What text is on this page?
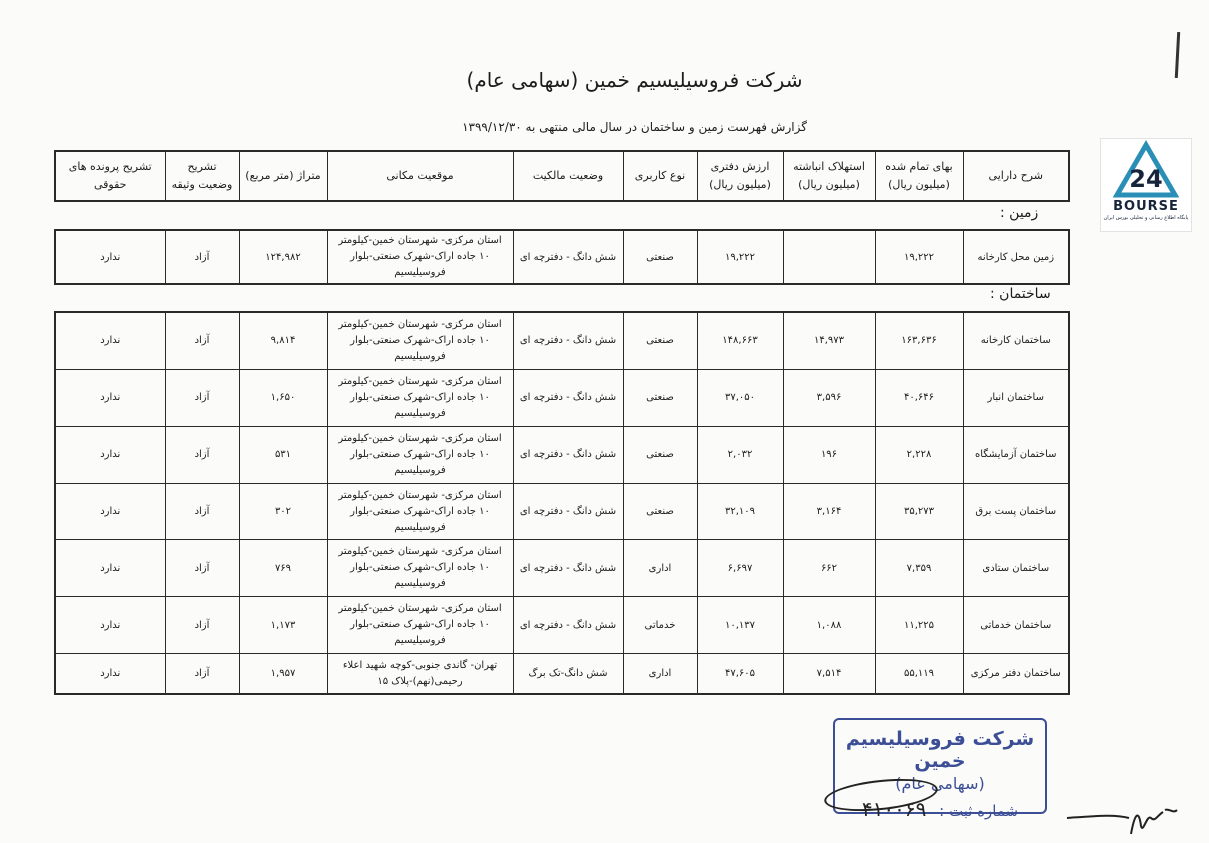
شرکت فروسیلیسیم خمین (سهامی عام)
گزارش فهرست زمین و ساختمان در سال مالی منتهی به ۱۳۹۹/۱۲/۳۰
24
BOURSE
پایگاه اطلاع رسانی و تحلیلی بورس ایران
شرح دارایی	بهای تمام شده (میلیون ریال)	استهلاک انباشته (میلیون ریال)	ارزش دفتری (میلیون ریال)	نوع کاربری	وضعیت مالکیت	موقعیت مکانی	متراژ (متر مربع)	تشریح وضعیت وثیقه	تشریح پرونده های حقوقی
زمین :
زمین محل کارخانه	۱۹,۲۲۲		۱۹,۲۲۲	صنعتی	شش دانگ - دفترچه ای	استان مرکزی- شهرستان خمین-کیلومتر ۱۰ جاده اراک-شهرک صنعتی-بلوار فروسیلیسیم	۱۲۴,۹۸۲	آزاد	ندارد
ساختمان :
ساختمان کارخانه	۱۶۳,۶۳۶	۱۴,۹۷۳	۱۴۸,۶۶۳	صنعتی	شش دانگ - دفترچه ای	استان مرکزی- شهرستان خمین-کیلومتر ۱۰ جاده اراک-شهرک صنعتی-بلوار فروسیلیسیم	۹,۸۱۴	آزاد	ندارد
ساختمان انبار	۴۰,۶۴۶	۳,۵۹۶	۳۷,۰۵۰	صنعتی	شش دانگ - دفترچه ای	استان مرکزی- شهرستان خمین-کیلومتر ۱۰ جاده اراک-شهرک صنعتی-بلوار فروسیلیسیم	۱,۶۵۰	آزاد	ندارد
ساختمان آزمایشگاه	۲,۲۲۸	۱۹۶	۲,۰۳۲	صنعتی	شش دانگ - دفترچه ای	استان مرکزی- شهرستان خمین-کیلومتر ۱۰ جاده اراک-شهرک صنعتی-بلوار فروسیلیسیم	۵۳۱	آزاد	ندارد
ساختمان پست برق	۳۵,۲۷۳	۳,۱۶۴	۳۲,۱۰۹	صنعتی	شش دانگ - دفترچه ای	استان مرکزی- شهرستان خمین-کیلومتر ۱۰ جاده اراک-شهرک صنعتی-بلوار فروسیلیسیم	۳۰۲	آزاد	ندارد
ساختمان ستادی	۷,۳۵۹	۶۶۲	۶,۶۹۷	اداری	شش دانگ - دفترچه ای	استان مرکزی- شهرستان خمین-کیلومتر ۱۰ جاده اراک-شهرک صنعتی-بلوار فروسیلیسیم	۷۶۹	آزاد	ندارد
ساختمان خدماتی	۱۱,۲۲۵	۱,۰۸۸	۱۰,۱۳۷	خدماتی	شش دانگ - دفترچه ای	استان مرکزی- شهرستان خمین-کیلومتر ۱۰ جاده اراک-شهرک صنعتی-بلوار فروسیلیسیم	۱,۱۷۳	آزاد	ندارد
ساختمان دفتر مرکزی	۵۵,۱۱۹	۷,۵۱۴	۴۷,۶۰۵	اداری	شش دانگ-تک برگ	تهران- گاندی جنوبی-کوچه شهید اعلاء رحیمی(نهم)-پلاک ۱۵	۱,۹۵۷	آزاد	ندارد
شرکت فروسیلیسیم خمین
(سهامی عام)
شماره ثبت : ۴۱۰۰۶۹
